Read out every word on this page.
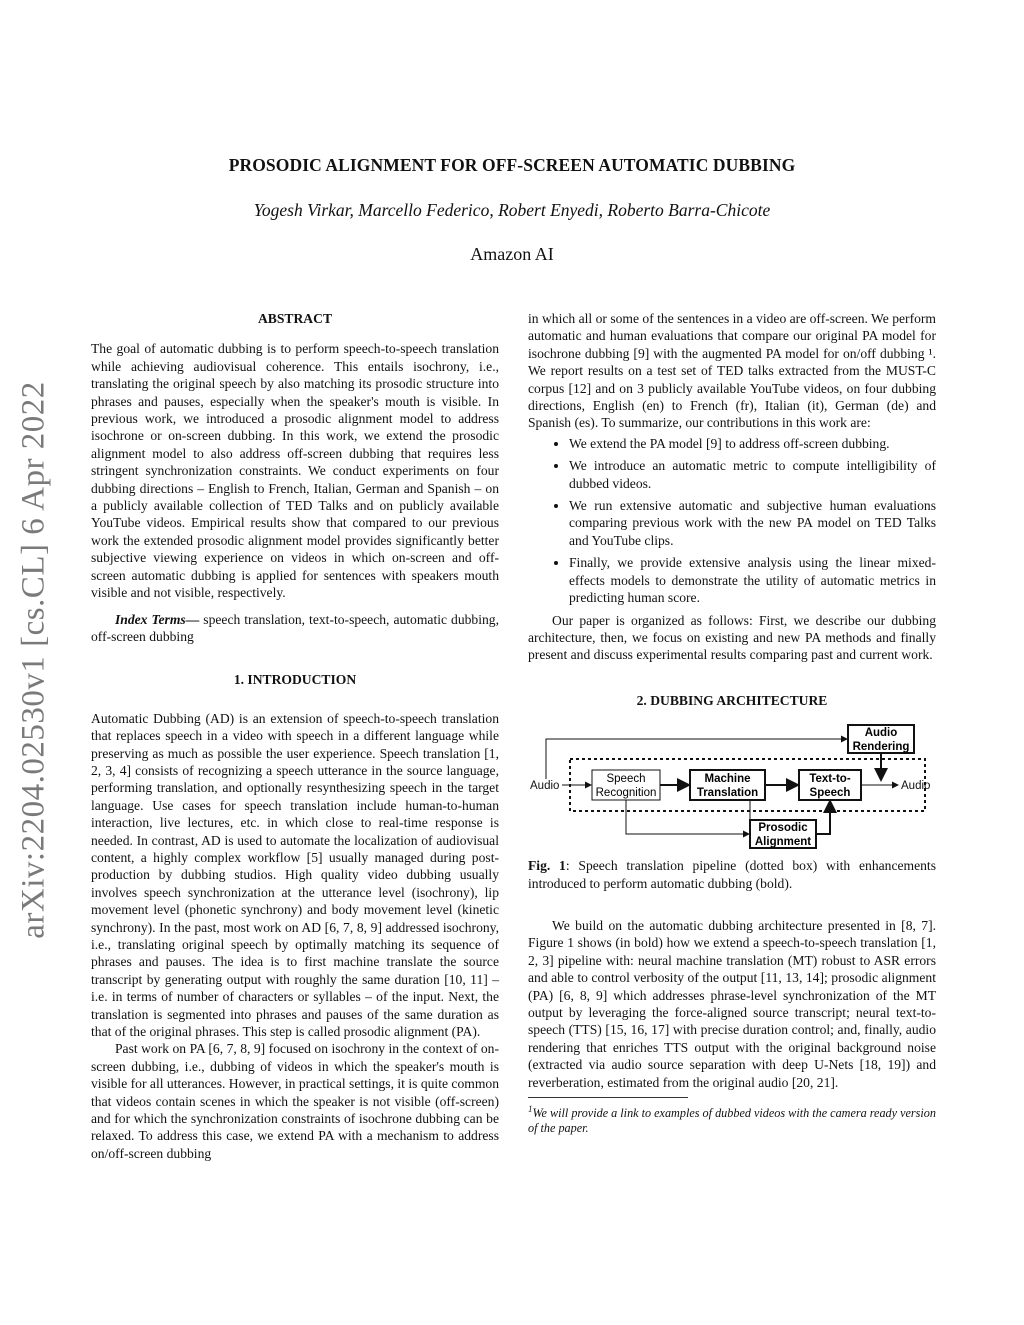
arXiv:2204.02530v1 [cs.CL] 6 Apr 2022
PROSODIC ALIGNMENT FOR OFF-SCREEN AUTOMATIC DUBBING
Yogesh Virkar, Marcello Federico, Robert Enyedi, Roberto Barra-Chicote
Amazon AI
ABSTRACT

The goal of automatic dubbing is to perform speech-to-speech translation while achieving audiovisual coherence. This entails isochrony, i.e., translating the original speech by also matching its prosodic structure into phrases and pauses, especially when the speaker's mouth is visible. In previous work, we introduced a prosodic alignment model to address isochrone or on-screen dubbing. In this work, we extend the prosodic alignment model to also address off-screen dubbing that requires less stringent synchronization constraints. We conduct experiments on four dubbing directions – English to French, Italian, German and Spanish – on a publicly available collection of TED Talks and on publicly available YouTube videos. Empirical results show that compared to our previous work the extended prosodic alignment model provides significantly better subjective viewing experience on videos in which on-screen and off-screen automatic dubbing is applied for sentences with speakers mouth visible and not visible, respectively.

Index Terms— speech translation, text-to-speech, automatic dubbing, off-screen dubbing

1. INTRODUCTION

Automatic Dubbing (AD) is an extension of speech-to-speech translation that replaces speech in a video with speech in a different language while preserving as much as possible the user experience. Speech translation [1, 2, 3, 4] consists of recognizing a speech utterance in the source language, performing translation, and optionally resynthesizing speech in the target language. Use cases for speech translation include human-to-human interaction, live lectures, etc. in which close to real-time response is needed. In contrast, AD is used to automate the localization of audiovisual content, a highly complex workflow [5] usually managed during post-production by dubbing studios. High quality video dubbing usually involves speech synchronization at the utterance level (isochrony), lip movement level (phonetic synchrony) and body movement level (kinetic synchrony). In the past, most work on AD [6, 7, 8, 9] addressed isochrony, i.e., translating original speech by optimally matching its sequence of phrases and pauses. The idea is to first machine translate the source transcript by generating output with roughly the same duration [10, 11] –i.e. in terms of number of characters or syllables – of the input. Next, the translation is segmented into phrases and pauses of the same duration as that of the original phrases. This step is called prosodic alignment (PA).

Past work on PA [6, 7, 8, 9] focused on isochrony in the context of on-screen dubbing, i.e., dubbing of videos in which the speaker's mouth is visible for all utterances. However, in practical settings, it is quite common that videos contain scenes in which the speaker is not visible (off-screen) and for which the synchronization constraints of isochrone dubbing can be relaxed. To address this case, we extend PA with a mechanism to address on/off-screen dubbing

in which all or some of the sentences in a video are off-screen. We perform automatic and human evaluations that compare our original PA model for isochrone dubbing [9] with the augmented PA model for on/off dubbing ¹. We report results on a test set of TED talks extracted from the MUST-C corpus [12] and on 3 publicly available YouTube videos, on four dubbing directions, English (en) to French (fr), Italian (it), German (de) and Spanish (es). To summarize, our contributions in this work are:

• We extend the PA model [9] to address off-screen dubbing.
• We introduce an automatic metric to compute intelligibility of dubbed videos.
• We run extensive automatic and subjective human evaluations comparing previous work with the new PA model on TED Talks and YouTube clips.
• Finally, we provide extensive analysis using the linear mixed-effects models to demonstrate the utility of automatic metrics in predicting human score.

Our paper is organized as follows: First, we describe our dubbing architecture, then, we focus on existing and new PA methods and finally present and discuss experimental results comparing past and current work.

2. DUBBING ARCHITECTURE
Audio	Audio
Speech
Recognition
Machine
Translation
Text-to-
Speech
Audio
Rendering
Prosodic
Alignment

Fig. 1: Speech translation pipeline (dotted box) with enhancements introduced to perform automatic dubbing (bold).

We build on the automatic dubbing architecture presented in [8, 7]. Figure 1 shows (in bold) how we extend a speech-to-speech translation [1, 2, 3] pipeline with: neural machine translation (MT) robust to ASR errors and able to control verbosity of the output [11, 13, 14]; prosodic alignment (PA) [6, 8, 9] which addresses phrase-level synchronization of the MT output by leveraging the force-aligned source transcript; neural text-to-speech (TTS) [15, 16, 17] with precise duration control; and, finally, audio rendering that enriches TTS output with the original background noise (extracted via audio source separation with deep U-Nets [18, 19]) and reverberation, estimated from the original audio [20, 21].

$^1$We will provide a link to examples of dubbed videos with the camera ready version of the paper.
